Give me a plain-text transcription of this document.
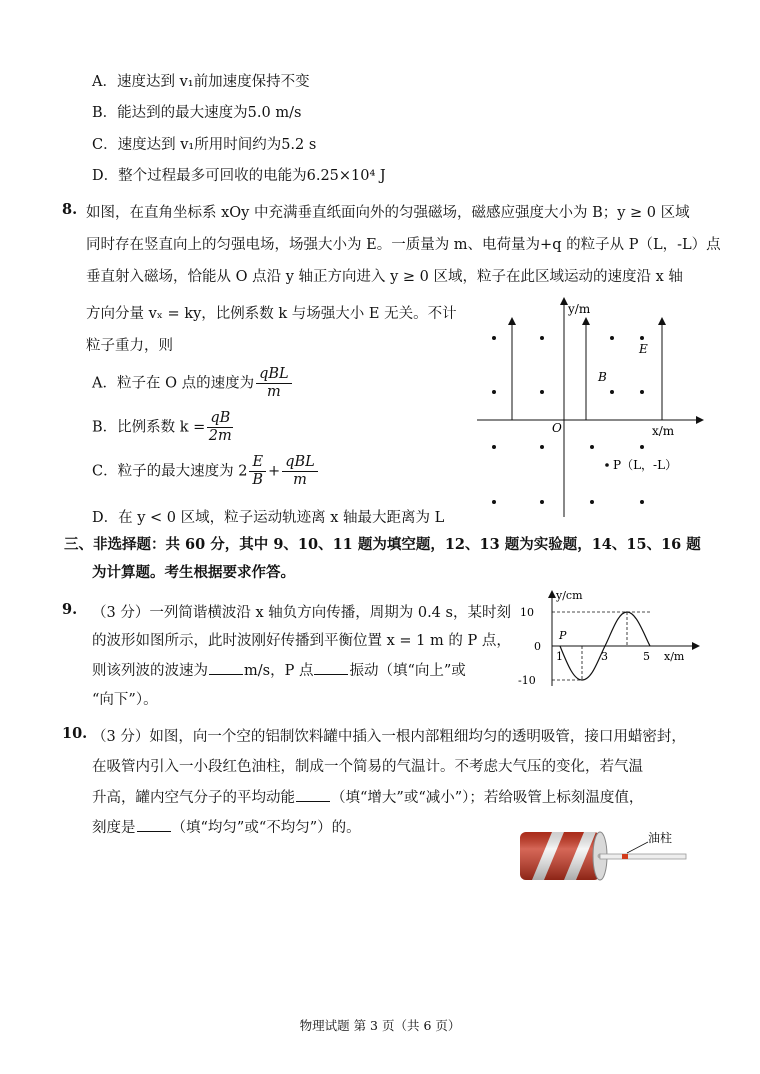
A．速度达到 v₁前加速度保持不变
B．能达到的最大速度为5.0 m/s
C．速度达到 v₁所用时间约为5.2 s
D．整个过程最多可回收的电能为6.25×10⁴ J
8. 如图，在直角坐标系 xOy 中充满垂直纸面向外的匀强磁场，磁感应强度大小为 B；y ≥ 0 区域
同时存在竖直向上的匀强电场，场强大小为 E。一质量为 m、电荷量为+q 的粒子从 P（L，-L）点
垂直射入磁场，恰能从 O 点沿 y 轴正方向进入 y ≥ 0 区域，粒子在此区域运动的速度沿 x 轴
方向分量 vₓ = ky，比例系数 k 与场强大小 E 无关。不计
粒子重力，则
A．粒子在 O 点的速度为 $\frac{\text{qBL}}{m}$
B．比例系数 $k = \frac{qB}{2m}$
C．粒子的最大速度为 $2 \frac{E}{B} + \frac{\text{qBL}}{m}$
D．在 y < 0 区域，粒子运动轨迹离 x 轴最大距离为 L
y/m
x/m
O
E
B
P（L，-L）
三、非选择题：共 60 分，其中 9、10、11 题为填空题，12、13 题为实验题，14、15、16 题
为计算题。考生根据要求作答。
9. （3 分）一列简谐横波沿 x 轴负方向传播，周期为 0.4 s，某时刻
的波形如图所示，此时波刚好传播到平衡位置 x = 1 m 的 P 点，
则该列波的波速为 m/s，P 点 振动（填“向上”或
“向下”）。
10
0
-10
1	3	5
y/cm
x/m
P
10. （3 分）如图，向一个空的铝制饮料罐中插入一根内部粗细均匀的透明吸管，接口用蜡密封，
在吸管内引入一小段红色油柱，制成一个简易的气温计。不考虑大气压的变化，若气温
升高，罐内空气分子的平均动能 （填“增大”或“减小”）；若给吸管上标刻温度值，
刻度是 （填“均匀”或“不均匀”）的。
油柱
物理试题 第 3 页（共 6 页）
